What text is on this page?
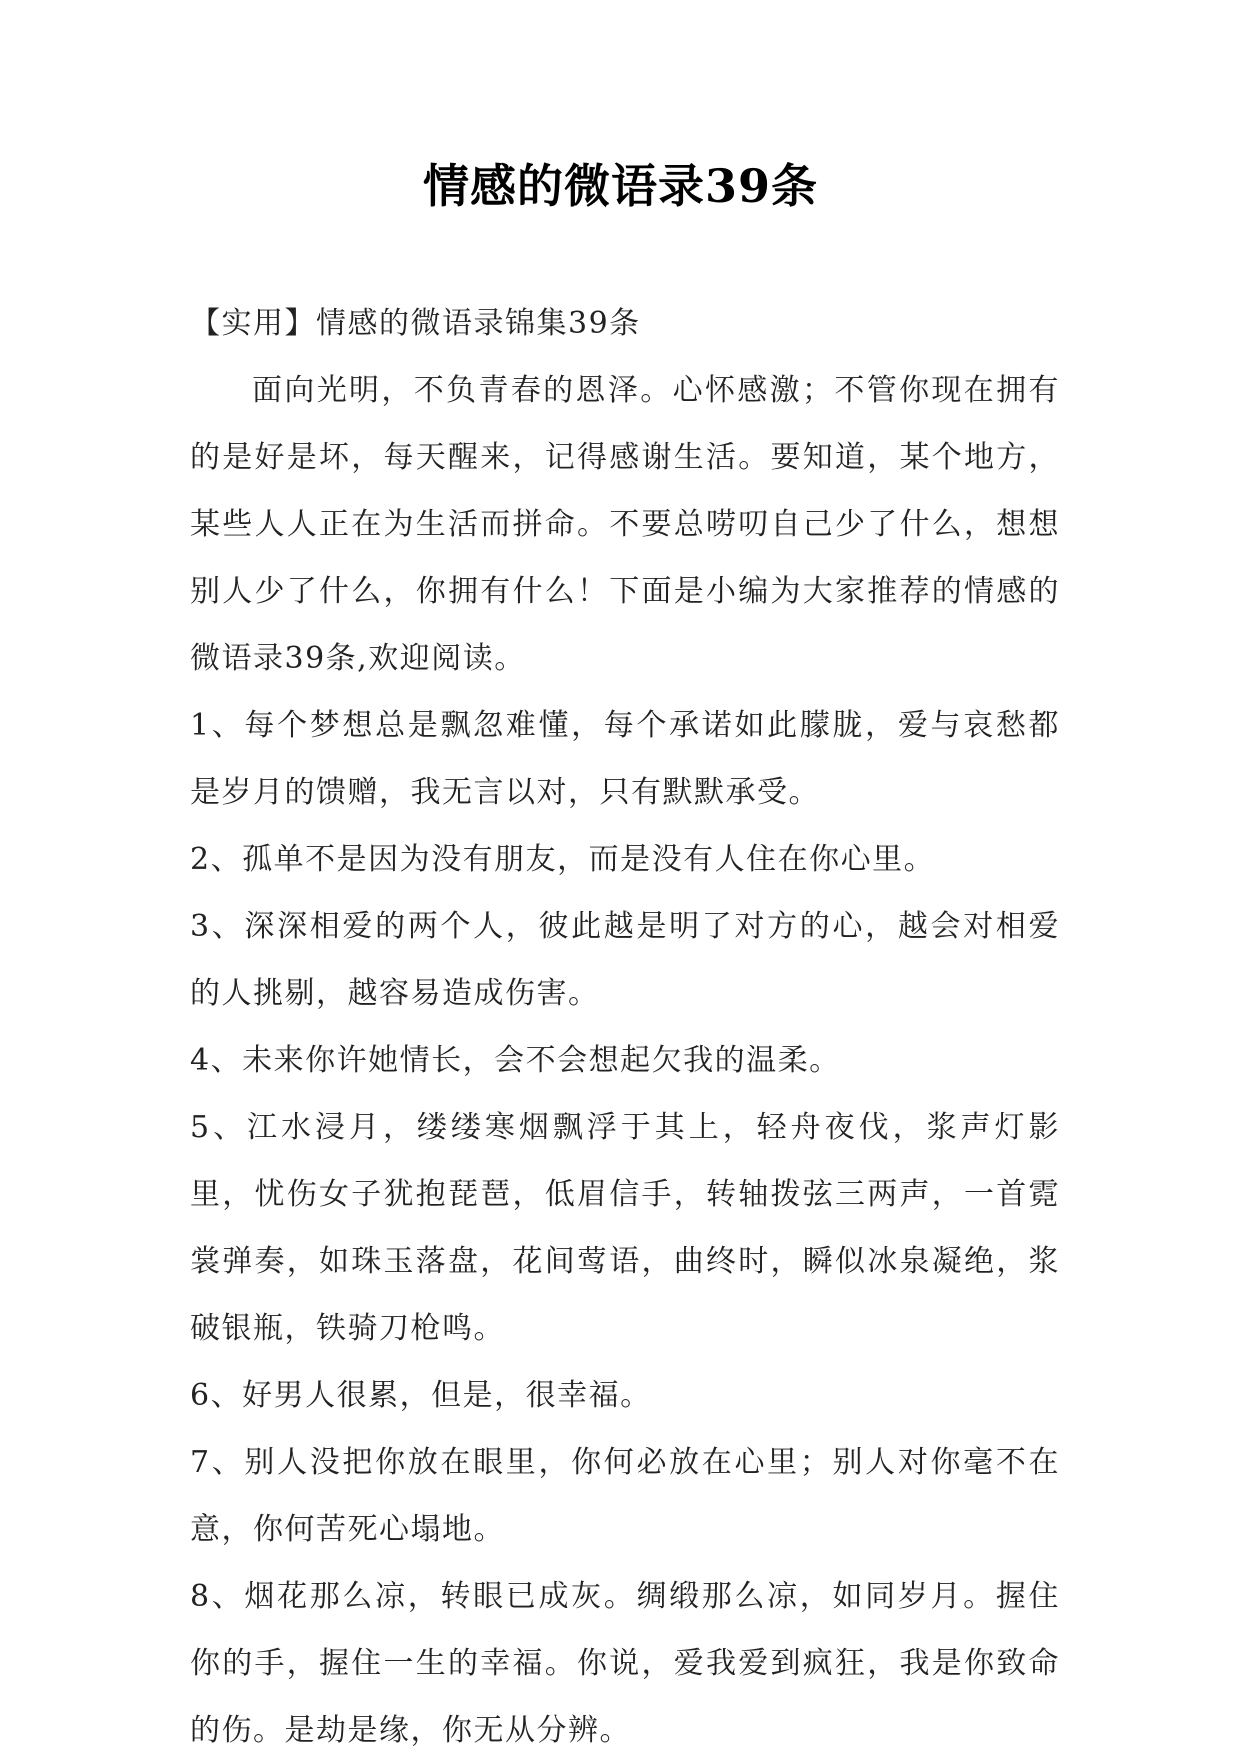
情感的微语录39条

【实用】情感的微语录锦集39条

面向光明，不负青春的恩泽。心怀感激；不管你现在拥有的是好是坏，每天醒来，记得感谢生活。要知道，某个地方，某些人人正在为生活而拼命。不要总唠叨自己少了什么，想想别人少了什么，你拥有什么！下面是小编为大家推荐的情感的微语录39条,欢迎阅读。

1、每个梦想总是飘忽难懂，每个承诺如此朦胧，爱与哀愁都是岁月的馈赠，我无言以对，只有默默承受。

2、孤单不是因为没有朋友，而是没有人住在你心里。

3、深深相爱的两个人，彼此越是明了对方的心，越会对相爱的人挑剔，越容易造成伤害。

4、未来你许她情长，会不会想起欠我的温柔。

5、江水浸月，缕缕寒烟飘浮于其上，轻舟夜伐，浆声灯影里，忧伤女子犹抱琵琶，低眉信手，转轴拨弦三两声，一首霓裳弹奏，如珠玉落盘，花间莺语，曲终时，瞬似冰泉凝绝，浆破银瓶，铁骑刀枪鸣。

6、好男人很累，但是，很幸福。

7、别人没把你放在眼里，你何必放在心里；别人对你毫不在意，你何苦死心塌地。

8、烟花那么凉，转眼已成灰。绸缎那么凉，如同岁月。握住你的手，握住一生的幸福。你说，爱我爱到疯狂，我是你致命的伤。是劫是缘，你无从分辨。
